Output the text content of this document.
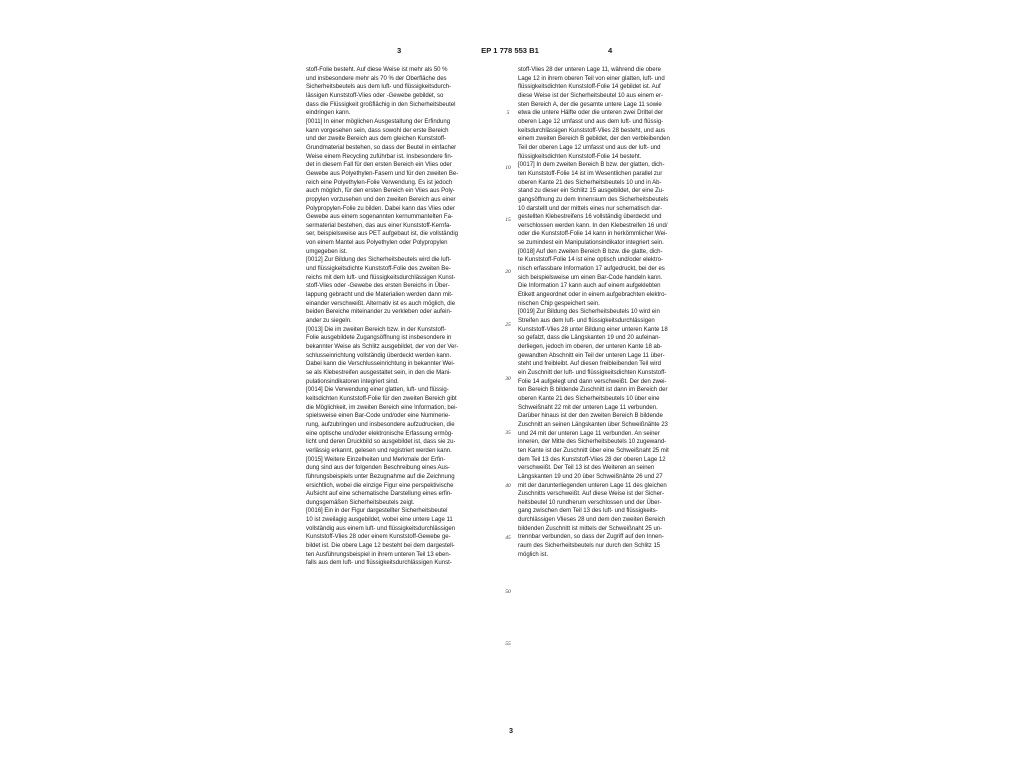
3	EP 1 778 553 B1	4
stoff-Folie besteht. Auf diese Weise ist mehr als 50 %
und insbesondere mehr als 70 % der Oberfläche des
Sicherheitsbeutels aus dem luft- und flüssigkeitsdurch-
lässigen Kunststoff-Vlies oder -Gewebe gebildet, so
dass die Flüssigkeit großflächig in den Sicherheitsbeutel
eindringen kann.
[0011] In einer möglichen Ausgestaltung der Erfindung
kann vorgesehen sein, dass sowohl der erste Bereich
und der zweite Bereich aus dem gleichen Kunststoff-
Grundmaterial bestehen, so dass der Beutel in einfacher
Weise einem Recycling zuführbar ist. Insbesondere fin-
det in diesem Fall für den ersten Bereich ein Vlies oder
Gewebe aus Polyethylen-Fasern und für den zweiten Be-
reich eine Polyethylen-Folie Verwendung. Es ist jedoch
auch möglich, für den ersten Bereich ein Vlies aus Poly-
propylen vorzusehen und den zweiten Bereich aus einer
Polypropylen-Folie zu bilden. Dabei kann das Vlies oder
Gewebe aus einem sogenannten kernummantelten Fa-
sermaterial bestehen, das aus einer Kunststoff-Kernfa-
ser, beispielsweise aus PET aufgebaut ist, die vollständig
von einem Mantel aus Polyethylen oder Polypropylen
umgegeben ist.
[0012] Zur Bildung des Sicherheitsbeutels wird die luft-
und flüssigkeitsdichte Kunststoff-Folie des zweiten Be-
reichs mit dem luft- und flüssigkeitsdurchlässigen Kunst-
stoff-Vlies oder -Gewebe des ersten Bereichs in Über-
lappung gebracht und die Materialien werden dann mit-
einander verschweißt. Alternativ ist es auch möglich, die
beiden Bereiche miteinander zu verkleben oder aufein-
ander zu siegeln.
[0013] Die im zweiten Bereich bzw. in der Kunststoff-
Folie ausgebildete Zugangsöffnung ist insbesondere in
bekannter Weise als Schlitz ausgebildet, der von der Ver-
schlusseinrichtung vollständig überdeckt werden kann.
Dabei kann die Verschlusseinrichtung in bekannter Wei-
se als Klebestreifen ausgestaltet sein, in den die Mani-
pulationsindikatoren integriert sind.
[0014] Die Verwendung einer glatten, luft- und flüssig-
keitsdichten Kunststoff-Folie für den zweiten Bereich gibt
die Möglichkeit, im zweiten Bereich eine Information, bei-
spielsweise einen Bar-Code und/oder eine Nummerie-
rung, aufzubringen und insbesondere aufzudrucken, die
eine optische und/oder elektronische Erfassung ermög-
licht und deren Druckbild so ausgebildet ist, dass sie zu-
verlässig erkannt, gelesen und registriert werden kann.
[0015] Weitere Einzelheiten und Merkmale der Erfin-
dung sind aus der folgenden Beschreibung eines Aus-
führungsbeispiels unter Bezugnahme auf die Zeichnung
ersichtlich, wobei die einzige Figur eine perspektivische
Aufsicht auf eine schematische Darstellung eines erfin-
dungsgemäßen Sicherheitsbeutels zeigt.
[0016] Ein in der Figur dargestellter Sicherheitsbeutel
10 ist zweilagig ausgebildet, wobei eine untere Lage 11
vollständig aus einem luft- und flüssigkeitsdurchlässigen
Kunststoff-Vlies 28 oder einem Kunststoff-Gewebe ge-
bildet ist. Die obere Lage 12 besteht bei dem dargestell-
ten Ausführungsbeispiel in ihrem unteren Teil 13 eben-
falls aus dem luft- und flüssigkeitsdurchlässigen Kunst-
stoff-Vlies 28 der unteren Lage 11, während die obere
Lage 12 in ihrem oberen Teil von einer glatten, luft- und
flüssigkeitsdichten Kunststoff-Folie 14 gebildet ist. Auf
diese Weise ist der Sicherheitsbeutel 10 aus einem er-
sten Bereich A, der die gesamte untere Lage 11 sowie
etwa die untere Hälfte oder die unteren zwei Drittel der
oberen Lage 12 umfasst und aus dem luft- und flüssig-
keitsdurchlässigen Kunststoff-Vlies 28 besteht, und aus
einem zweiten Bereich B gebildet, der den verbleibenden
Teil der oberen Lage 12 umfasst und aus der luft- und
flüssigkeitsdichten Kunststoff-Folie 14 besteht.
[0017] In dem zweiten Bereich B bzw. der glatten, dich-
ten Kunststoff-Folie 14 ist im Wesentlichen parallel zur
oberen Kante 21 des Sicherheitsbeutels 10 und in Ab-
stand zu dieser ein Schlitz 15 ausgebildet, der eine Zu-
gangsöffnung zu dem Innenraum des Sicherheitsbeutels
10 darstellt und der mittels eines nur schematisch dar-
gestellten Klebestreifens 16 vollständig überdeckt und
verschlossen werden kann. In den Klebestreifen 16 und/
oder die Kunststoff-Folie 14 kann in herkömmlicher Wei-
se zumindest ein Manipulationsindikator integriert sein.
[0018] Auf den zweiten Bereich B bzw. die glatte, dich-
te Kunststoff-Folie 14 ist eine optisch und/oder elektro-
nisch erfassbare Information 17 aufgedruckt, bei der es
sich beispielsweise um einen Bar-Code handeln kann.
Die Information 17 kann auch auf einem aufgeklebten
Etikett angeordnet oder in einem aufgebrachten elektro-
nischen Chip gespeichert sein.
[0019] Zur Bildung des Sicherheitsbeutels 10 wird ein
Streifen aus dem luft- und flüssigkeitsdurchlässigen
Kunststoff-Vlies 28 unter Bildung einer unteren Kante 18
so gefalzt, dass die Längskanten 19 und 20 aufeinan-
derliegen, jedoch im oberen, der unteren Kante 18 ab-
gewandten Abschnitt ein Teil der unteren Lage 11 über-
steht und freibleibt. Auf diesen freibleibenden Teil wird
ein Zuschnitt der luft- und flüssigkeitsdichten Kunststoff-
Folie 14 aufgelegt und dann verschweißt. Der den zwei-
ten Bereich B bildende Zuschnitt ist dann im Bereich der
oberen Kante 21 des Sicherheitsbeutels 10 über eine
Schweißnaht 22 mit der unteren Lage 11 verbunden.
Darüber hinaus ist der den zweiten Bereich B bildende
Zuschnitt an seinen Längskanten über Schweißnähte 23
und 24 mit der unteren Lage 11 verbunden. An seiner
inneren, der Mitte des Sicherheitsbeutels 10 zugewand-
ten Kante ist der Zuschnitt über eine Schweißnaht 25 mit
dem Teil 13 des Kunststoff-Vlies 28 der oberen Lage 12
verschweißt. Der Teil 13 ist des Weiteren an seinen
Längskanten 19 und 20 über Schweißnähte 26 und 27
mit der darunterliegenden unteren Lage 11 des gleichen
Zuschnitts verschweißt. Auf diese Weise ist der Sicher-
heitsbeutel 10 rundherum verschlossen und der Über-
gang zwischen dem Teil 13 des luft- und flüssigkeits-
durchlässigen Vlieses 28 und dem den zweiten Bereich
bildenden Zuschnitt ist mittels der Schweißnaht 25 un-
trennbar verbunden, so dass der Zugriff auf den Innen-
raum des Sicherheitsbeutels nur durch den Schlitz 15
möglich ist.
5
10
15
20
25
30
35
40
45
50
55
3
